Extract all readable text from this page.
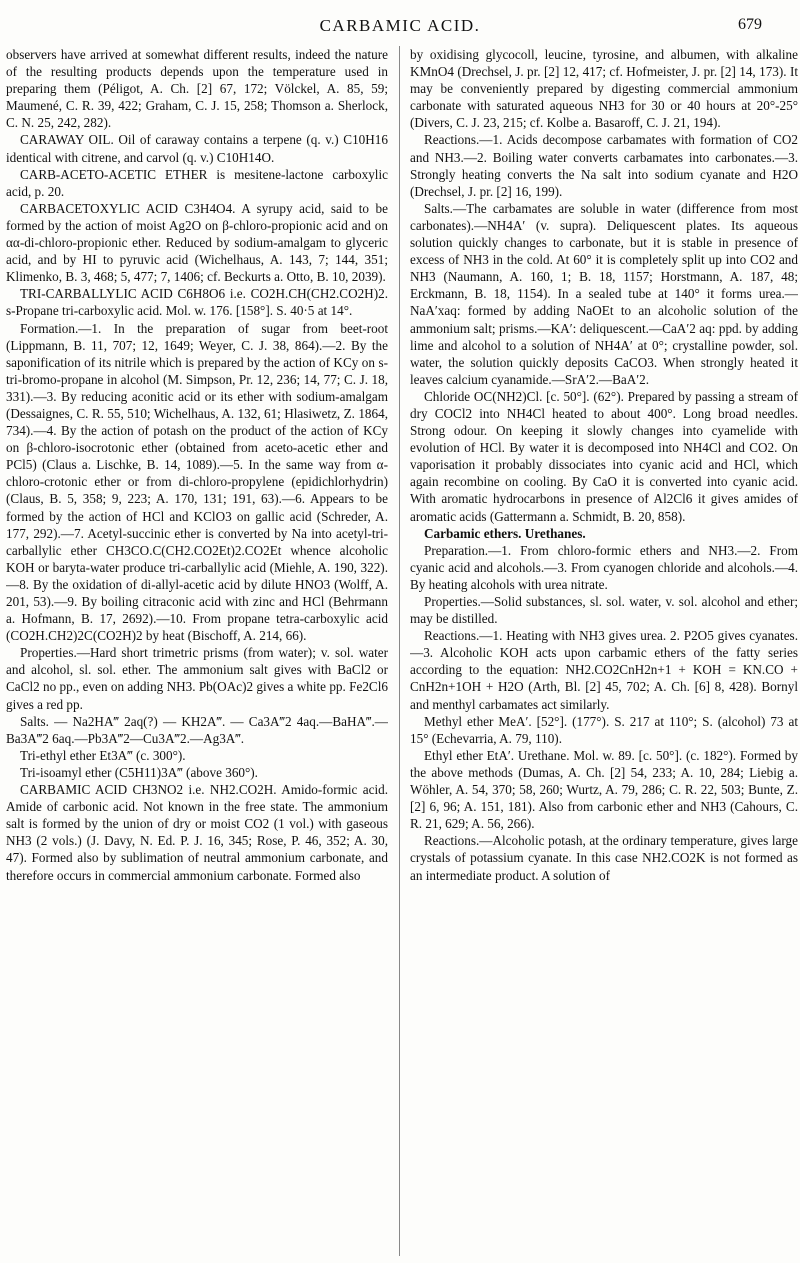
CARBAMIC ACID.	679

observers have arrived at somewhat different results, indeed the nature of the resulting products depends upon the temperature used in preparing them (Péligot, A. Ch. [2] 67, 172; Völckel, A. 85, 59; Maumené, C. R. 39, 422; Graham, C. J. 15, 258; Thomson a. Sherlock, C. N. 25, 242, 282).

CARAWAY OIL. Oil of caraway contains a terpene (q. v.) C10H16 identical with citrene, and carvol (q. v.) C10H14O.

CARB-ACETO-ACETIC ETHER is mesitene-lactone carboxylic acid, p. 20.

CARBACETOXYLIC ACID C3H4O4. A syrupy acid, said to be formed by the action of moist Ag2O on β-chloro-propionic acid and on αα-di-chloro-propionic ether. Reduced by sodium-amalgam to glyceric acid, and by HI to pyruvic acid (Wichelhaus, A. 143, 7; 144, 351; Klimenko, B. 3, 468; 5, 477; 7, 1406; cf. Beckurts a. Otto, B. 10, 2039).

TRI-CARBALLYLIC ACID C6H8O6 i.e. CO2H.CH(CH2.CO2H)2. s-Propane tri-carboxylic acid. Mol. w. 176. [158°]. S. 40·5 at 14°.

Formation.—1. In the preparation of sugar from beet-root (Lippmann, B. 11, 707; 12, 1649; Weyer, C. J. 38, 864).—2. By the saponification of its nitrile which is prepared by the action of KCy on s-tri-bromo-propane in alcohol (M. Simpson, Pr. 12, 236; 14, 77; C. J. 18, 331).—3. By reducing aconitic acid or its ether with sodium-amalgam (Dessaignes, C. R. 55, 510; Wichelhaus, A. 132, 61; Hlasiwetz, Z. 1864, 734).—4. By the action of potash on the product of the action of KCy on β-chloro-isocrotonic ether (obtained from aceto-acetic ether and PCl5) (Claus a. Lischke, B. 14, 1089).—5. In the same way from α-chloro-crotonic ether or from di-chloro-propylene (epidichlorhydrin) (Claus, B. 5, 358; 9, 223; A. 170, 131; 191, 63).—6. Appears to be formed by the action of HCl and KClO3 on gallic acid (Schreder, A. 177, 292).—7. Acetyl-succinic ether is converted by Na into acetyl-tri-carballylic ether CH3CO.C(CH2.CO2Et)2.CO2Et whence alcoholic KOH or baryta-water produce tri-carballylic acid (Miehle, A. 190, 322).—8. By the oxidation of di-allyl-acetic acid by dilute HNO3 (Wolff, A. 201, 53).—9. By boiling citraconic acid with zinc and HCl (Behrmann a. Hofmann, B. 17, 2692).—10. From propane tetra-carboxylic acid (CO2H.CH2)2C(CO2H)2 by heat (Bischoff, A. 214, 66).

Properties.—Hard short trimetric prisms (from water); v. sol. water and alcohol, sl. sol. ether. The ammonium salt gives with BaCl2 or CaCl2 no pp., even on adding NH3. Pb(OAc)2 gives a white pp. Fe2Cl6 gives a red pp.

Salts. — Na2HA‴ 2aq(?) — KH2A‴. — Ca3A‴2 4aq.—BaHA‴.—Ba3A‴2 6aq.—Pb3A‴2—Cu3A‴2.—Ag3A‴.

Tri-ethyl ether Et3A‴ (c. 300°).

Tri-isoamyl ether (C5H11)3A‴ (above 360°).

CARBAMIC ACID CH3NO2 i.e. NH2.CO2H. Amido-formic acid. Amide of carbonic acid. Not known in the free state. The ammonium salt is formed by the union of dry or moist CO2 (1 vol.) with gaseous NH3 (2 vols.) (J. Davy, N. Ed. P. J. 16, 345; Rose, P. 46, 352; A. 30, 47). Formed also by sublimation of neutral ammonium carbonate, and therefore occurs in commercial ammonium carbonate. Formed also

by oxidising glycocoll, leucine, tyrosine, and albumen, with alkaline KMnO4 (Drechsel, J. pr. [2] 12, 417; cf. Hofmeister, J. pr. [2] 14, 173). It may be conveniently prepared by digesting commercial ammonium carbonate with saturated aqueous NH3 for 30 or 40 hours at 20°-25° (Divers, C. J. 23, 215; cf. Kolbe a. Basaroff, C. J. 21, 194).

Reactions.—1. Acids decompose carbamates with formation of CO2 and NH3.—2. Boiling water converts carbamates into carbonates.—3. Strongly heating converts the Na salt into sodium cyanate and H2O (Drechsel, J. pr. [2] 16, 199).

Salts.—The carbamates are soluble in water (difference from most carbonates).—NH4A′ (v. supra). Deliquescent plates. Its aqueous solution quickly changes to carbonate, but it is stable in presence of excess of NH3 in the cold. At 60° it is completely split up into CO2 and NH3 (Naumann, A. 160, 1; B. 18, 1157; Horstmann, A. 187, 48; Erckmann, B. 18, 1154). In a sealed tube at 140° it forms urea.—NaA′xaq: formed by adding NaOEt to an alcoholic solution of the ammonium salt; prisms.—KA′: deliquescent.—CaA′2 aq: ppd. by adding lime and alcohol to a solution of NH4A′ at 0°; crystalline powder, sol. water, the solution quickly deposits CaCO3. When strongly heated it leaves calcium cyanamide.—SrA′2.—BaA′2.

Chloride OC(NH2)Cl. [c. 50°]. (62°). Prepared by passing a stream of dry COCl2 into NH4Cl heated to about 400°. Long broad needles. Strong odour. On keeping it slowly changes into cyamelide with evolution of HCl. By water it is decomposed into NH4Cl and CO2. On vaporisation it probably dissociates into cyanic acid and HCl, which again recombine on cooling. By CaO it is converted into cyanic acid. With aromatic hydrocarbons in presence of Al2Cl6 it gives amides of aromatic acids (Gattermann a. Schmidt, B. 20, 858).

Carbamic ethers. Urethanes.

Preparation.—1. From chloro-formic ethers and NH3.—2. From cyanic acid and alcohols.—3. From cyanogen chloride and alcohols.—4. By heating alcohols with urea nitrate.

Properties.—Solid substances, sl. sol. water, v. sol. alcohol and ether; may be distilled.

Reactions.—1. Heating with NH3 gives urea. 2. P2O5 gives cyanates.—3. Alcoholic KOH acts upon carbamic ethers of the fatty series according to the equation: NH2.CO2CnH2n+1 + KOH = KN.CO + CnH2n+1OH + H2O (Arth, Bl. [2] 45, 702; A. Ch. [6] 8, 428). Bornyl and menthyl carbamates act similarly.

Methyl ether MeA′. [52°]. (177°). S. 217 at 110°; S. (alcohol) 73 at 15° (Echevarria, A. 79, 110).

Ethyl ether EtA′. Urethane. Mol. w. 89. [c. 50°]. (c. 182°). Formed by the above methods (Dumas, A. Ch. [2] 54, 233; A. 10, 284; Liebig a. Wöhler, A. 54, 370; 58, 260; Wurtz, A. 79, 286; C. R. 22, 503; Bunte, Z. [2] 6, 96; A. 151, 181). Also from carbonic ether and NH3 (Cahours, C. R. 21, 629; A. 56, 266).

Reactions.—Alcoholic potash, at the ordinary temperature, gives large crystals of potassium cyanate. In this case NH2.CO2K is not formed as an intermediate product. A solution of
